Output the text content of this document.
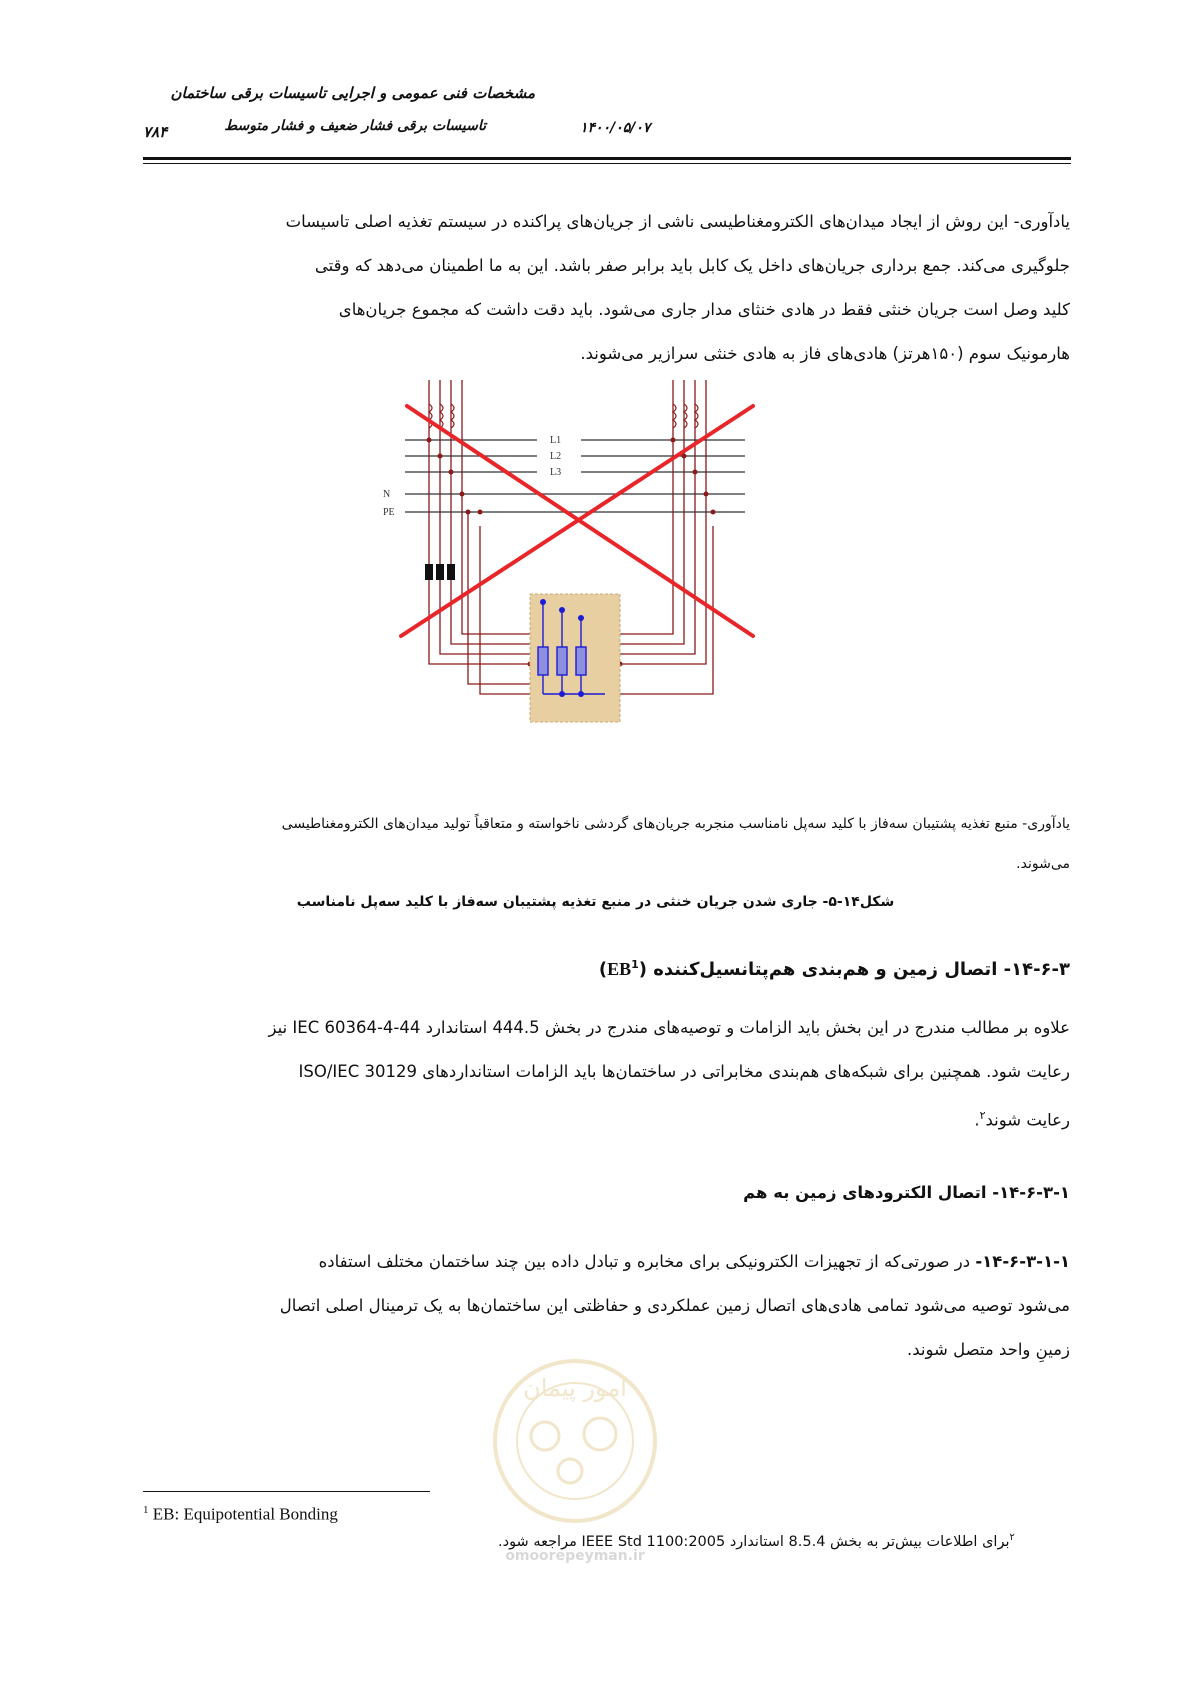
مشخصات فنی عمومی و اجرایی تاسیسات برقی ساختمان
تاسیسات برقی فشار ضعیف و فشار متوسط	۱۴۰۰/۰۵/۰۷
۷۸۴

یادآوری- این روش از ایجاد میدان‌های الکترومغناطیسی ناشی از جریان‌های پراکنده در سیستم تغذیه اصلی تاسیسات

جلوگیری می‌کند. جمع برداری جریان‌های داخل یک کابل باید برابر صفر باشد. این به ما اطمینان می‌دهد که وقتی

کلید وصل است جریان خنثی فقط در هادی خنثای مدار جاری می‌شود. باید دقت داشت که مجموع جریان‌های

هارمونیک سوم (۱۵۰هرتز) هادی‌های فاز به هادی خنثی سرازیر می‌شوند.

L1
L2
L3
N
PE
یادآوری- منبع تغذیه پشتیبان سه‌فاز با کلید سه‌پل نامناسب منجربه جریان‌های گردشی ناخواسته و متعاقباً تولید میدان‌های الکترومغناطیسی
می‌شوند.
شکل۱۴-۵- جاری شدن جریان خنثی در منبع تغذیه پشتیبان سه‌فاز با کلید سه‌پل نامناسب
۱۴-۶-۳- اتصال زمین و هم‌بندی هم‌پتانسیل‌کننده $(EB^1)$

علاوه بر مطالب مندرج در این بخش باید الزامات و توصیه‌های مندرج در بخش 444.5 استاندارد IEC 60364-4-44 نیز

رعایت شود. همچنین برای شبکه‌های هم‌بندی مخابراتی در ساختمان‌ها باید الزامات استانداردهای ISO/IEC 30129

رعایت شوند$^۲$.

۱۴-۶-۳-۱- اتصال الکترودهای زمین به هم

۱۴-۶-۳-۱-۱- در صورتی‌که از تجهیزات الکترونیکی برای مخابره و تبادل داده بین چند ساختمان مختلف استفاده

می‌شود توصیه می‌شود تمامی هادی‌های اتصال زمین عملکردی و حفاظتی این ساختمان‌ها به یک ترمینال اصلی اتصال

زمینِ واحد متصل شوند.

امور پیمان
omoorepeyman.ir
$^1$ EB: Equipotential Bonding
$^۲$برای اطلاعات بیش‌تر به بخش 8.5.4 استاندارد IEEE Std 1100:2005 مراجعه شود.
